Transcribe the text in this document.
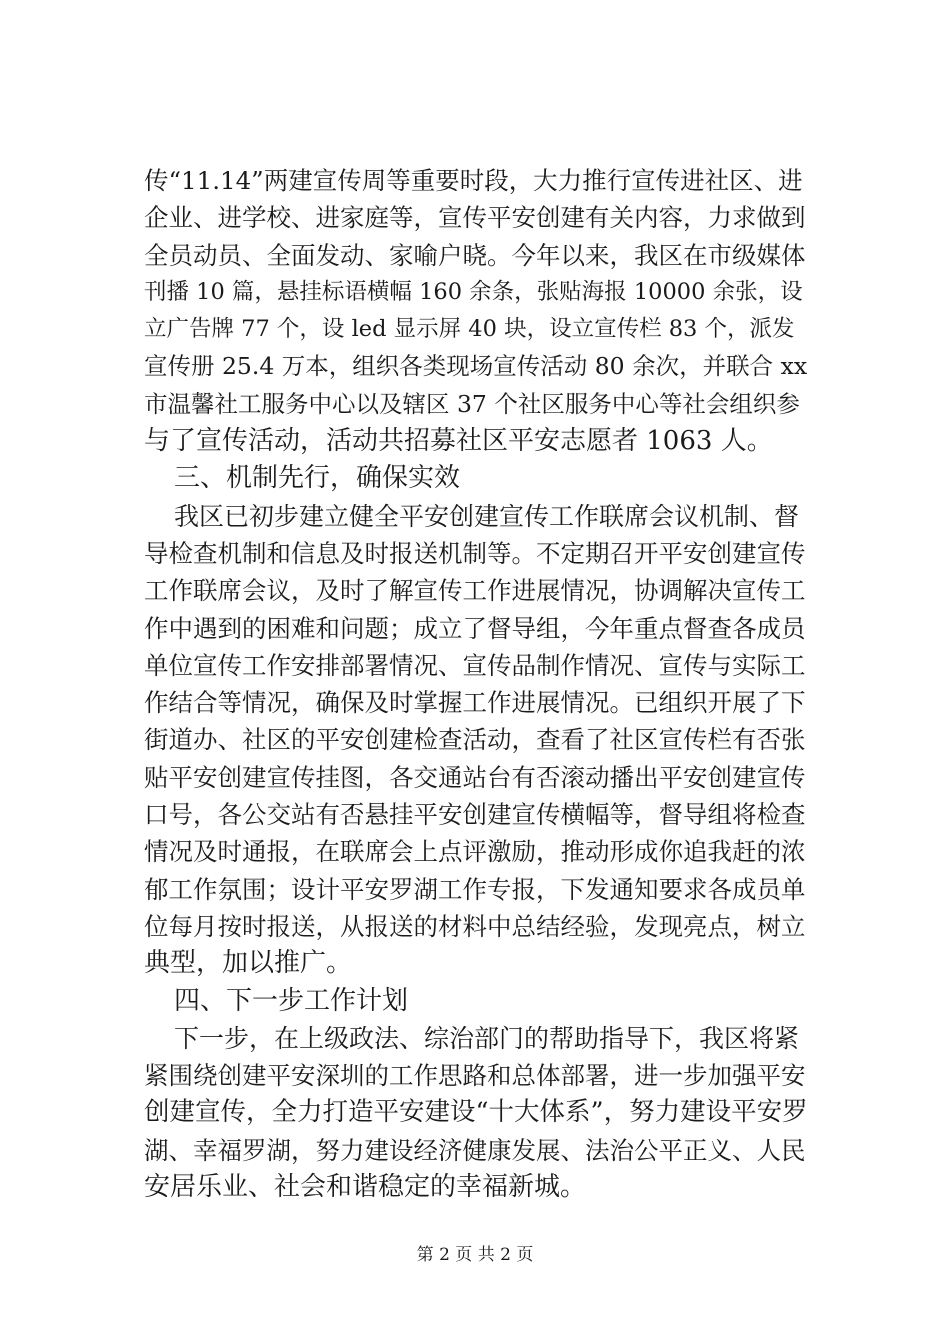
传“11.14”两建宣传周等重要时段，大力推行宣传进社区、进
企业、进学校、进家庭等，宣传平安创建有关内容，力求做到
全员动员、全面发动、家喻户晓。今年以来，我区在市级媒体
刊播 10 篇，悬挂标语横幅 160 余条，张贴海报 10000 余张，设
立广告牌 77 个，设 led 显示屏 40 块，设立宣传栏 83 个，派发
宣传册 25.4 万本，组织各类现场宣传活动 80 余次，并联合 xx
市温馨社工服务中心以及辖区 37 个社区服务中心等社会组织参
与了宣传活动，活动共招募社区平安志愿者 1063 人。
三、机制先行，确保实效
我区已初步建立健全平安创建宣传工作联席会议机制、督
导检查机制和信息及时报送机制等。不定期召开平安创建宣传
工作联席会议，及时了解宣传工作进展情况，协调解决宣传工
作中遇到的困难和问题；成立了督导组，今年重点督查各成员
单位宣传工作安排部署情况、宣传品制作情况、宣传与实际工
作结合等情况，确保及时掌握工作进展情况。已组织开展了下
街道办、社区的平安创建检查活动，查看了社区宣传栏有否张
贴平安创建宣传挂图，各交通站台有否滚动播出平安创建宣传
口号，各公交站有否悬挂平安创建宣传横幅等，督导组将检查
情况及时通报，在联席会上点评激励，推动形成你追我赶的浓
郁工作氛围；设计平安罗湖工作专报，下发通知要求各成员单
位每月按时报送，从报送的材料中总结经验，发现亮点，树立
典型，加以推广。
四、下一步工作计划
下一步，在上级政法、综治部门的帮助指导下，我区将紧
紧围绕创建平安深圳的工作思路和总体部署，进一步加强平安
创建宣传，全力打造平安建设“十大体系”，努力建设平安罗
湖、幸福罗湖，努力建设经济健康发展、法治公平正义、人民
安居乐业、社会和谐稳定的幸福新城。
第 2 页 共 2 页
